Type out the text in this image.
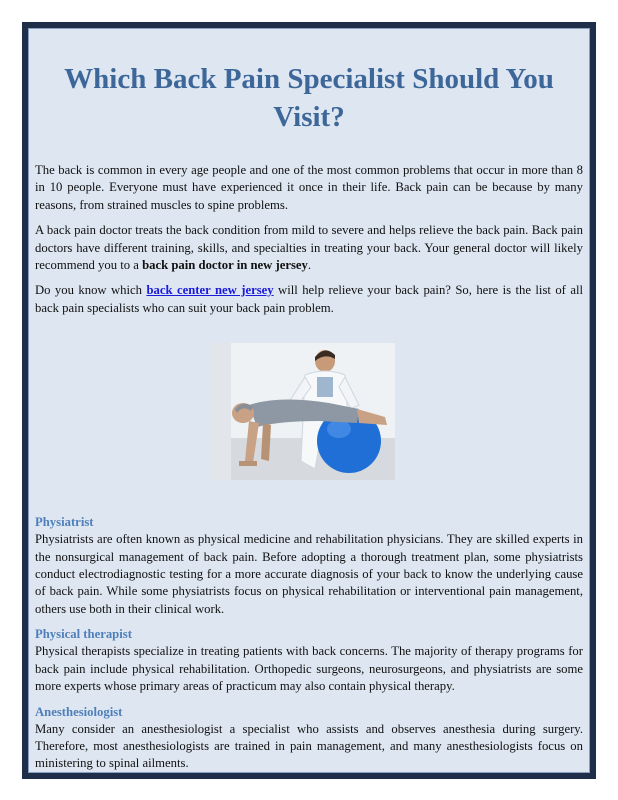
Which Back Pain Specialist Should You Visit?

The back is common in every age people and one of the most common problems that occur in more than 8 in 10 people. Everyone must have experienced it once in their life. Back pain can be because by many reasons, from strained muscles to spine problems.

A back pain doctor treats the back condition from mild to severe and helps relieve the back pain. Back pain doctors have different training, skills, and specialties in treating your back. Your general doctor will likely recommend you to a back pain doctor in new jersey.

Do you know which back center new jersey will help relieve your back pain? So, here is the list of all back pain specialists who can suit your back pain problem.

Physiatrist

Physiatrists are often known as physical medicine and rehabilitation physicians. They are skilled experts in the nonsurgical management of back pain. Before adopting a thorough treatment plan, some physiatrists conduct electrodiagnostic testing for a more accurate diagnosis of your back to know the underlying cause of back pain. While some physiatrists focus on physical rehabilitation or interventional pain management, others use both in their clinical work.

Physical therapist

Physical therapists specialize in treating patients with back concerns. The majority of therapy programs for back pain include physical rehabilitation. Orthopedic surgeons, neurosurgeons, and physiatrists are some more experts whose primary areas of practicum may also contain physical therapy.

Anesthesiologist

Many consider an anesthesiologist a specialist who assists and observes anesthesia during surgery. Therefore, most anesthesiologists are trained in pain management, and many anesthesiologists focus on ministering to spinal ailments.
